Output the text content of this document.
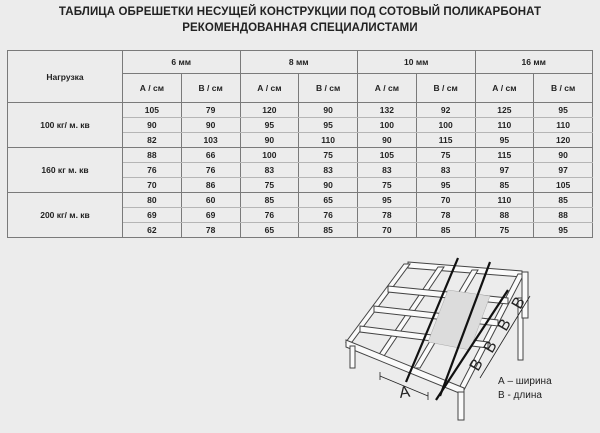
ТАБЛИЦА ОБРЕШЕТКИ НЕСУЩЕЙ КОНСТРУКЦИИ ПОД СОТОВЫЙ ПОЛИКАРБОНАТ
РЕКОМЕНДОВАННАЯ СПЕЦИАЛИСТАМИ
Нагрузка	6 мм		8 мм		10 мм		16 мм	
	А / см	В / см	А / см	В / см	А / см	В / см	А / см	В / см
100 кг/ м. кв	105	79	120	90	132	92	125	95
	90	90	95	95	100	100	110	110
	82	103	90	110	90	115	95	120
160 кг м. кв	88	66	100	75	105	75	115	90
	76	76	83	83	83	83	97	97
	70	86	75	90	75	95	85	105
200 кг/ м. кв	80	60	85	65	95	70	110	85
	69	69	76	76	78	78	88	88
	62	78	65	85	70	85	75	95
А
В
В
В
В
А – ширина
В - длина
